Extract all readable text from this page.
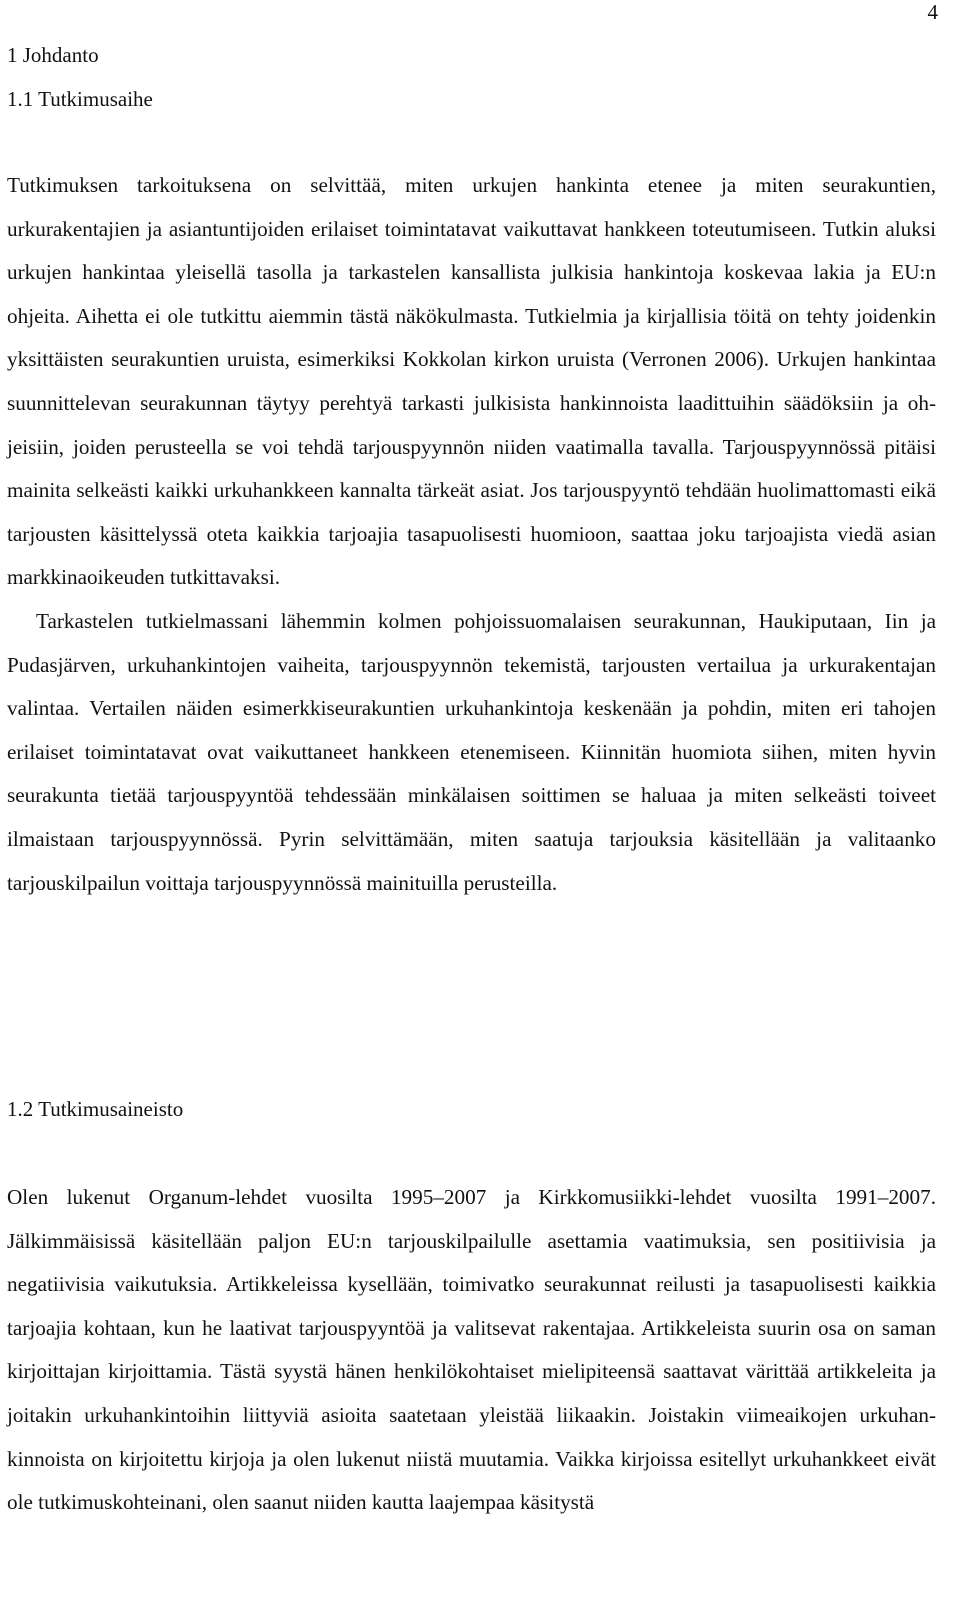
4
1 Johdanto
1.1 Tutkimusaihe

Tutkimuksen tarkoituksena on selvittää, miten urkujen hankinta etenee ja miten seurakuntien, urkurakentajien ja asiantuntijoiden erilaiset toimintatavat vaikuttavat hankkeen toteutumiseen. Tutkin aluksi urkujen hankintaa yleisellä tasolla ja tarkastelen kansallista julkisia hankintoja koskevaa lakia ja EU:n ohjeita. Aihetta ei ole tutkittu aiemmin tästä näkökulmasta. Tutkielmia ja kirjallisia töitä on tehty joidenkin yksittäisten seurakuntien uruista, esimerkiksi Kokkolan kirkon uruista (Verronen 2006). Urkujen hankintaa suunnittelevan seurakunnan täytyy perehtyä tarkasti julkisista hankinnoista laadittuihin säädöksiin ja ohjeisiin, joiden perusteella se voi tehdä tarjouspyynnön niiden vaatimalla tavalla. Tarjouspyynnössä pitäisi mainita selkeästi kaikki urkuhankkeen kannalta tärkeät asiat. Jos tarjouspyyntö tehdään huolimattomasti eikä tarjousten käsittelyssä oteta kaikkia tarjoajia tasapuolisesti huomioon, saattaa joku tarjoajista viedä asian markkinaoikeuden tutkittavaksi.

Tarkastelen tutkielmassani lähemmin kolmen pohjoissuomalaisen seurakunnan, Haukiputaan, Iin ja Pudasjärven, urkuhankintojen vaiheita, tarjouspyynnön tekemistä, tarjousten vertailua ja urkurakentajan valintaa. Vertailen näiden esimerkkiseurakuntien urkuhankintoja keskenään ja pohdin, miten eri tahojen erilaiset toimintatavat ovat vaikuttaneet hankkeen etenemiseen. Kiinnitän huomiota siihen, miten hyvin seurakunta tietää tarjouspyyntöä tehdessään minkälaisen soittimen se haluaa ja miten selkeästi toiveet ilmaistaan tarjouspyynnössä. Pyrin selvittämään, miten saatuja tarjouksia käsitellään ja valitaanko tarjouskilpailun voittaja tarjouspyynnössä mainituilla perusteilla.

1.2 Tutkimusaineisto

Olen lukenut Organum-lehdet vuosilta 1995–2007 ja Kirkkomusiikki-lehdet vuosilta 1991–2007. Jälkimmäisissä käsitellään paljon EU:n tarjouskilpailulle asettamia vaatimuksia, sen positiivisia ja negatiivisia vaikutuksia. Artikkeleissa kysellään, toimivatko seurakunnat reilusti ja tasapuolisesti kaikkia tarjoajia kohtaan, kun he laativat tarjouspyyntöä ja valitsevat rakentajaa. Artikkeleista suurin osa on saman kirjoittajan kirjoittamia. Tästä syystä hänen henkilökohtaiset mielipiteensä saattavat värittää artikkeleita ja joitakin urkuhankintoihin liittyviä asioita saatetaan yleistää liikaakin. Joistakin viimeaikojen urkuhankinnoista on kirjoitettu kirjoja ja olen lukenut niistä muutamia. Vaikka kirjoissa esitellyt urkuhankkeet eivät ole tutkimuskohteinani, olen saanut niiden kautta laajempaa käsitystä
